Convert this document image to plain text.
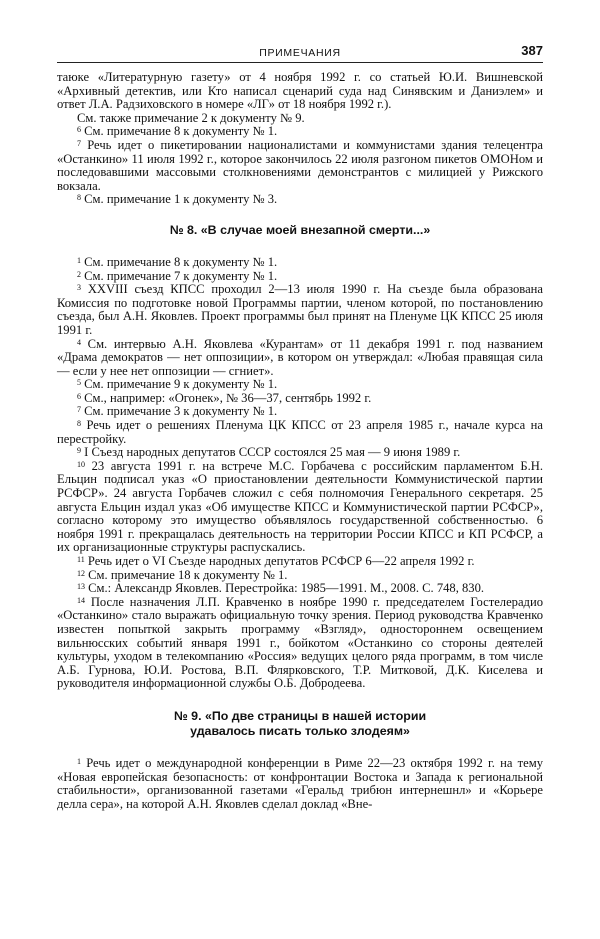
ПРИМЕЧАНИЯ	387

таюке «Литературную газету» от 4 ноября 1992 г. со статьей Ю.И. Вишневской «Архивный детектив, или Кто написал сценарий суда над Синявским и Даниэлем» и ответ Л.А. Радзиховского в номере «ЛГ» от 18 ноября 1992 г.).

См. также примечание 2 к документу № 9.

$^6$ См. примечание 8 к документу № 1.

$^7$ Речь идет о пикетировании националистами и коммунистами здания телецентра «Останкино» 11 июля 1992 г., которое закончилось 22 июля разгоном пикетов ОМОНом и последовавшими массовыми столкновениями демонстрантов с милицией у Рижского вокзала.

$^8$ См. примечание 1 к документу № 3.

№ 8. «В случае моей внезапной смерти...»

$^1$ См. примечание 8 к документу № 1.

$^2$ См. примечание 7 к документу № 1.

$^3$ XXVIII съезд КПСС проходил 2—13 июля 1990 г. На съезде была образована Комиссия по подготовке новой Программы партии, членом которой, по постановлению съезда, был А.Н. Яковлев. Проект программы был принят на Пленуме ЦК КПСС 25 июля 1991 г.

$^4$ См. интервью А.Н. Яковлева «Курантам» от 11 декабря 1991 г. под названием «Драма демократов — нет оппозиции», в котором он утверждал: «Любая правящая сила — если у нее нет оппозиции — сгниет».

$^5$ См. примечание 9 к документу № 1.

$^6$ См., например: «Огонек», № 36—37, сентябрь 1992 г.

$^7$ См. примечание 3 к документу № 1.

$^8$ Речь идет о решениях Пленума ЦК КПСС от 23 апреля 1985 г., начале курса на перестройку.

$^9$ I Съезд народных депутатов СССР состоялся 25 мая — 9 июня 1989 г.

$^{10}$ 23 августа 1991 г. на встрече М.С. Горбачева с российским парламентом Б.Н. Ельцин подписал указ «О приостановлении деятельности Коммунистической партии РСФСР». 24 августа Горбачев сложил с себя полномочия Генерального секретаря. 25 августа Ельцин издал указ «Об имуществе КПСС и Коммунистической партии РСФСР», согласно которому это имущество объявлялось государственной собственностью. 6 ноября 1991 г. прекращалась деятельность на территории России КПСС и КП РСФСР, а их организационные структуры распускались.

$^{11}$ Речь идет о VI Съезде народных депутатов РСФСР 6—22 апреля 1992 г.

$^{12}$ См. примечание 18 к документу № 1.

$^{13}$ См.: Александр Яковлев. Перестройка: 1985—1991. М., 2008. С. 748, 830.

$^{14}$ После назначения Л.П. Кравченко в ноябре 1990 г. председателем Гостелерадио «Останкино» стало выражать официальную точку зрения. Период руководства Кравченко известен попыткой закрыть программу «Взгляд», одностороннем освещением вильнюсских событий января 1991 г., бойкотом «Останкино со стороны деятелей культуры, уходом в телекомпанию «Россия» ведущих целого ряда программ, в том числе А.Б. Гурнова, Ю.И. Ростова, В.П. Флярковского, Т.Р. Митковой, Д.К. Киселева и руководителя информационной службы О.Б. Добродеева.

№ 9. «По две страницы в нашей истории
удавалось писать только злодеям»

$^1$ Речь идет о международной конференции в Риме 22—23 октября 1992 г. на тему «Новая европейская безопасность: от конфронтации Востока и Запада к региональной стабильности», организованной газетами «Геральд трибюн интернешнл» и «Корьере делла сера», на которой А.Н. Яковлев сделал доклад «Вне-
